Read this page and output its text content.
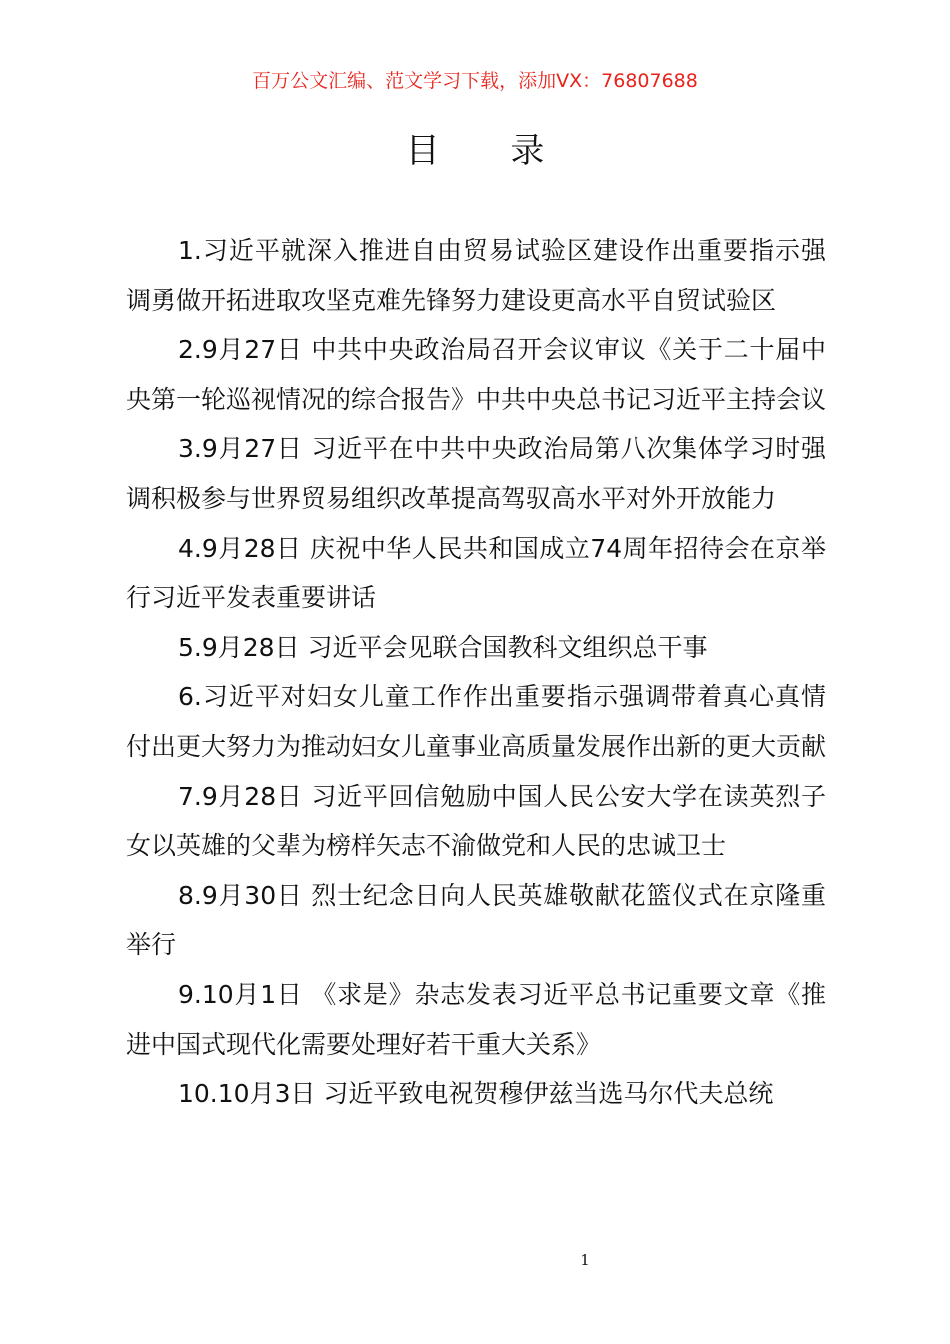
百万公文汇编、范文学习下载，添加VX：76807688
目 录

1.习近平就深入推进自由贸易试验区建设作出重要指示强调勇做开拓进取攻坚克难先锋努力建设更高水平自贸试验区

2.9月27日 中共中央政治局召开会议审议《关于二十届中央第一轮巡视情况的综合报告》中共中央总书记习近平主持会议

3.9月27日 习近平在中共中央政治局第八次集体学习时强调积极参与世界贸易组织改革提高驾驭高水平对外开放能力

4.9月28日 庆祝中华人民共和国成立74周年招待会在京举行习近平发表重要讲话

5.9月28日 习近平会见联合国教科文组织总干事

6.习近平对妇女儿童工作作出重要指示强调带着真心真情付出更大努力为推动妇女儿童事业高质量发展作出新的更大贡献

7.9月28日 习近平回信勉励中国人民公安大学在读英烈子女以英雄的父辈为榜样矢志不渝做党和人民的忠诚卫士

8.9月30日 烈士纪念日向人民英雄敬献花篮仪式在京隆重举行

9.10月1日 《求是》杂志发表习近平总书记重要文章《推进中国式现代化需要处理好若干重大关系》

10.10月3日 习近平致电祝贺穆伊兹当选马尔代夫总统

1
